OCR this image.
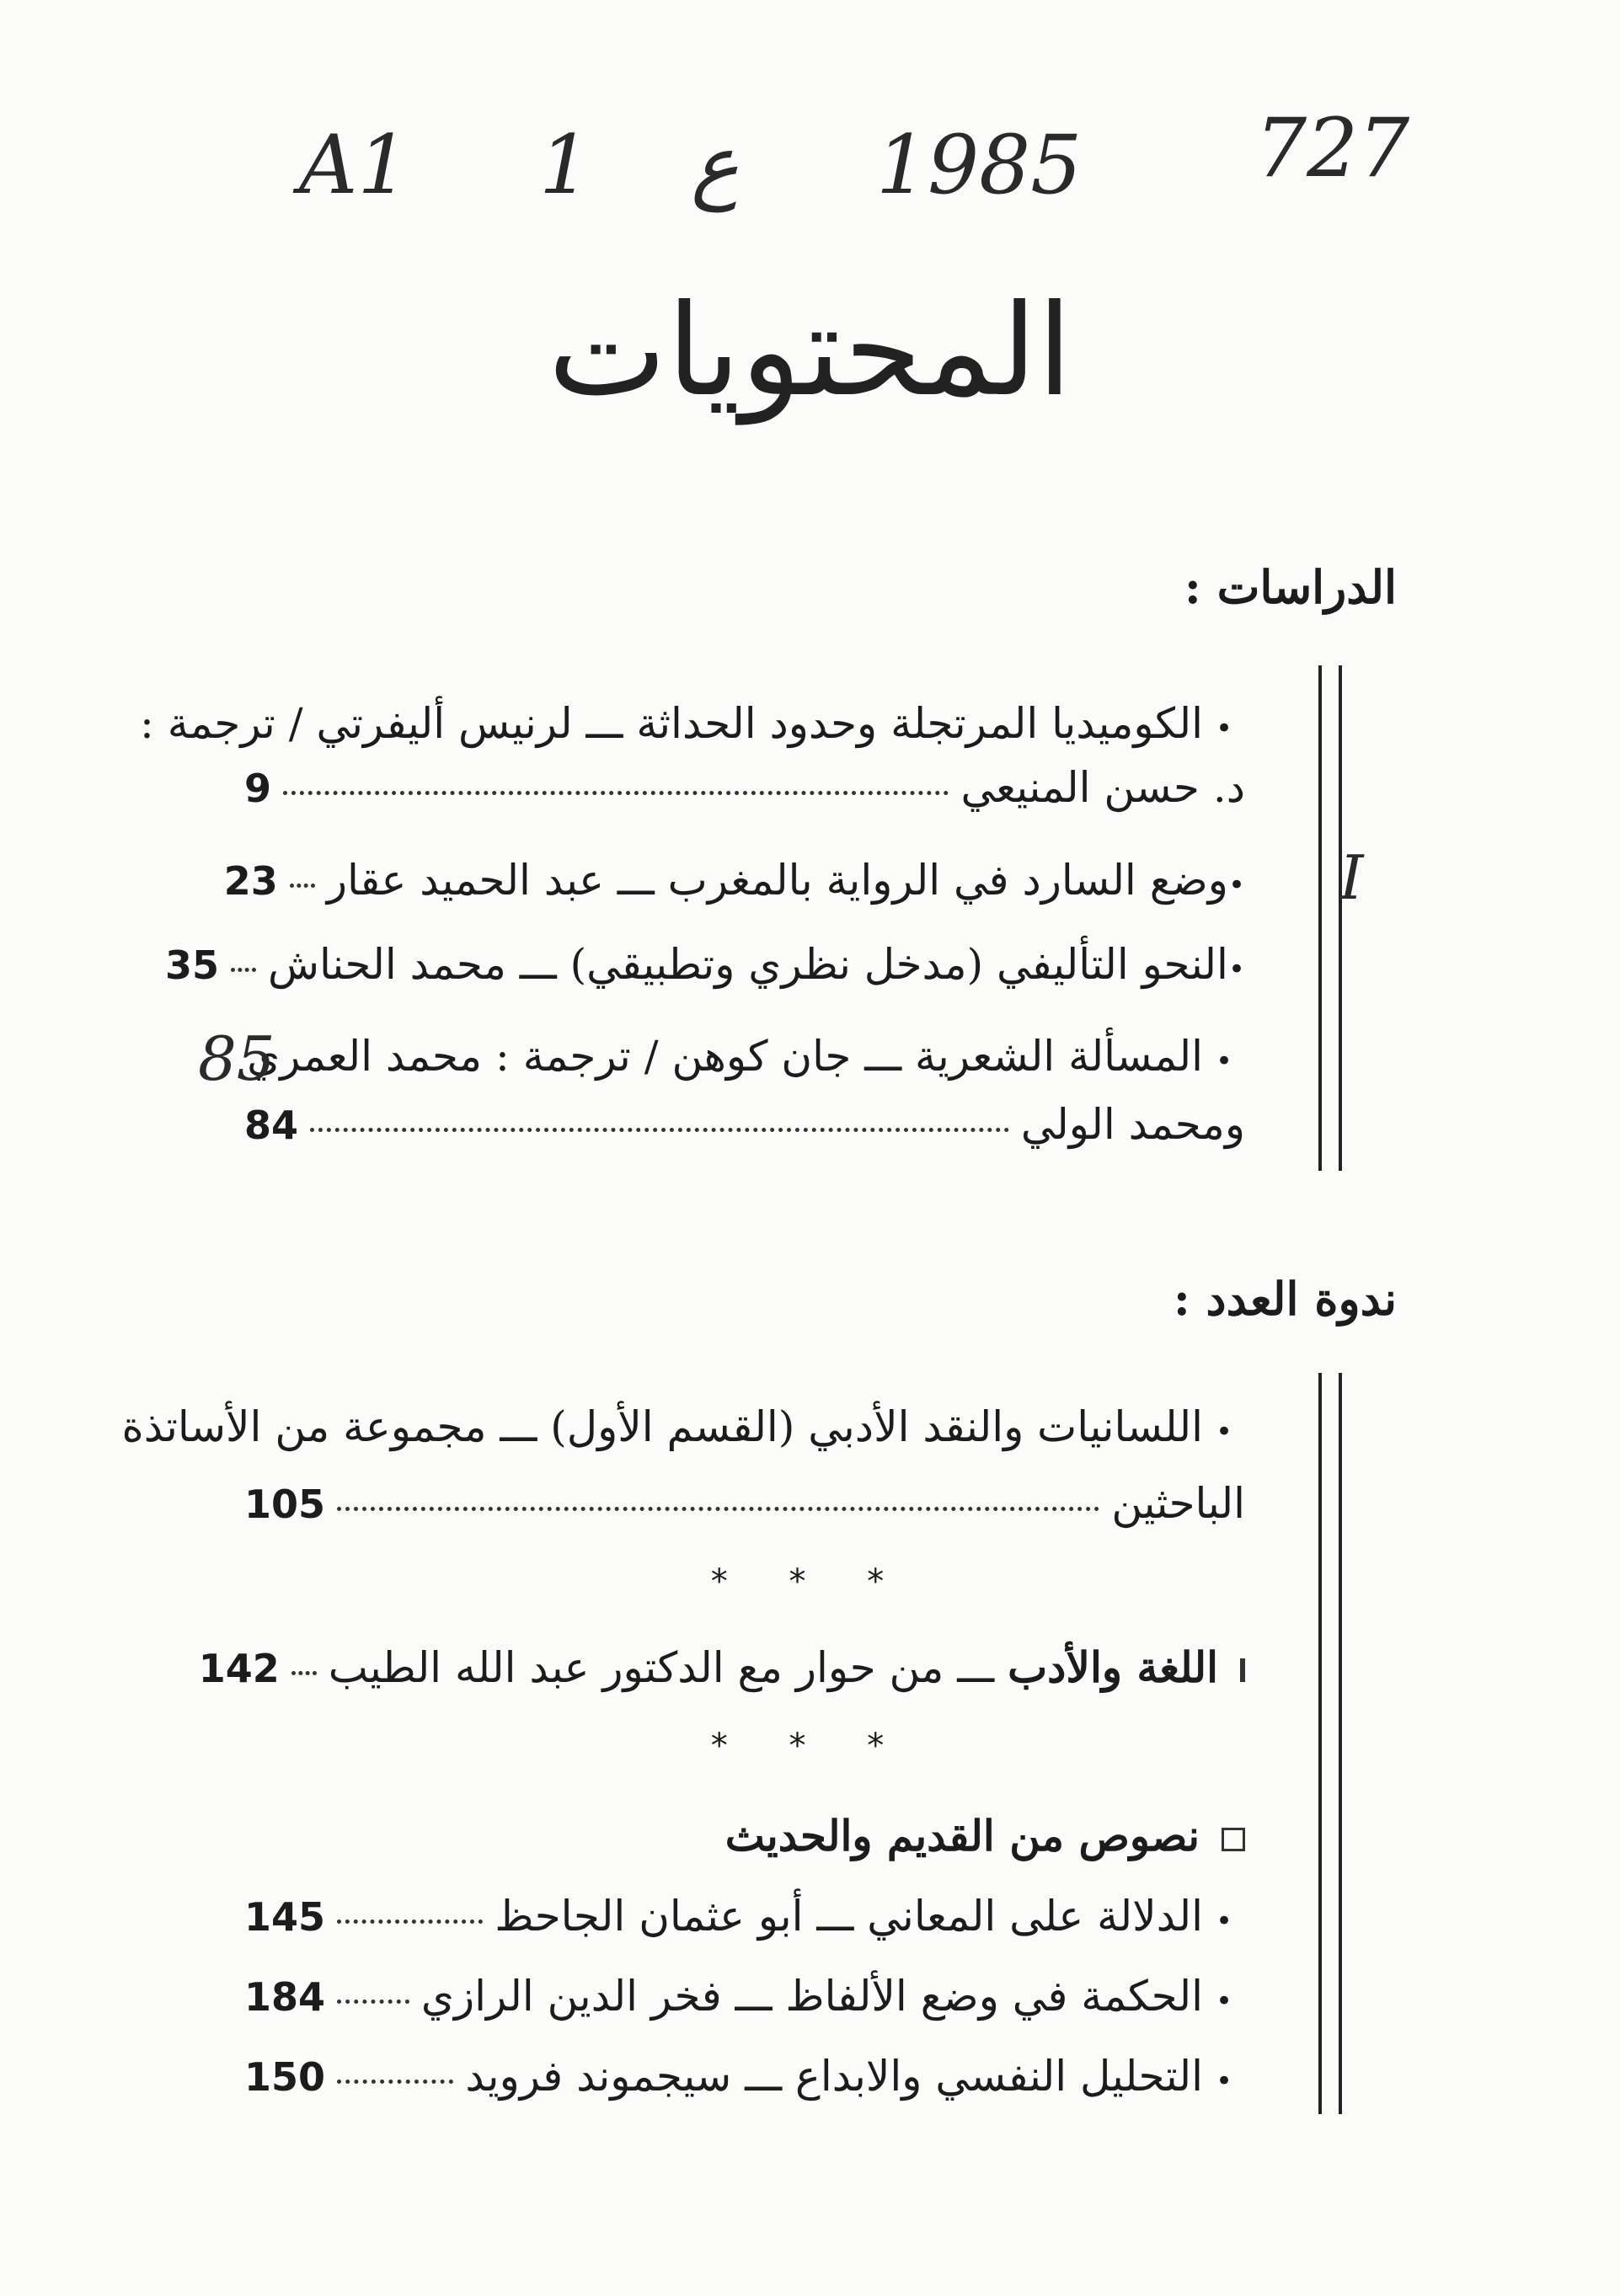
A1 1 ع 1985 727
المحتويات
الدراسات :
•الكوميديا المرتجلة وحدود الحداثة ـــ لرنيس أليفرتي / ترجمة :
د. حسن المنيعي
9
•
وضع السارد في الرواية بالمغرب ـــ عبد الحميد عقار
23	I
•
النحو التأليفي (مدخل نظري وتطبيقي) ـــ محمد الحناش
35
•المسألة الشعرية ـــ جان كوهن / ترجمة : محمد العمري
85
ومحمد الولي
84
ندوة العدد :
•اللسانيات والنقد الأدبي (القسم الأول) ـــ مجموعة من الأساتذة
الباحثين
105
* * *
اللغة والأدب ـــ من حوار مع الدكتور عبد الله الطيب
142
* * *
نصوص من القديم والحديث
•
الدلالة على المعاني ـــ أبو عثمان الجاحظ
145
•
الحكمة في وضع الألفاظ ـــ فخر الدين الرازي
184
•
التحليل النفسي والابداع ـــ سيجموند فرويد
150
